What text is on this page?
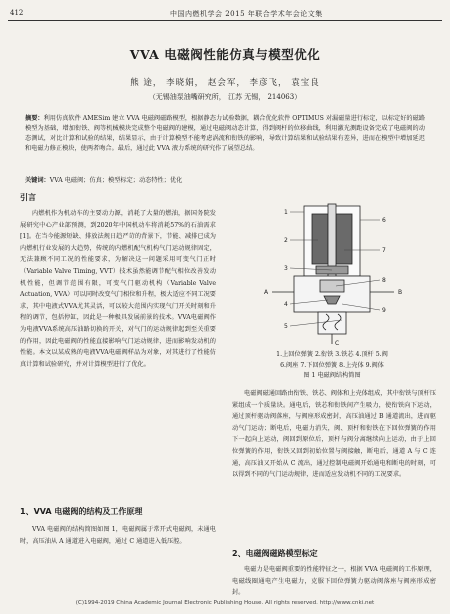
412	中国内燃机学会 2015 年联合学术年会论文集
VVA 电磁阀性能仿真与模型优化
熊 途， 李晓娟， 赵会军， 李彦飞， 袁宝良
（无锡油泵油嘴研究所， 江苏 无锡， 214063）
摘要：利用仿真软件 AMESim 建立 VVA 电磁阀磁路模型，根据静态力试验数据，耦合优化软件 OPTIMUS 对漏磁量进行标定，以标定好的磁路模型为基础，增加衔铁、阀等机械模块完成整个电磁阀的建模，通过电磁阀动态计算，得到阀杆的位移曲线，利用激光测距设备完成了电磁阀的动态测试，对比计算和试验的结果，结果显示，由于计算模型不能考虑涡流和衔铁的影响，导致计算结果和试验结果有差异，进而在模型中增加延迟和电磁力修正模块，使两者吻合。最后，通过此 VVA 液力系统的研究作了展望总结。
关键词：VVA 电磁阀；仿真；模型标定；动态特性；优化
引言
内燃机作为机动车的主要动力源，消耗了大量的燃油，据国务院发展研究中心产业部预测，到2020年中国机动车将消耗57%的石油需求[1]。在当今能源短缺、排放法规日趋严苛的背景下，节能、减排已成为内燃机行业发展的大趋势，传统的内燃机配气机构气门运动规律固定，无法兼顾不同工况的性能要求，为解决这一问题采用可变气门正时（Variable Valve Timing, VVT）技术虽然能调节配气相位改善发动机性能，但调节范围有限，可变气门驱动机构（Variable Valve Actuation, VVA）可以同时改变气门相位和升程，极大适应不同工况要求，其中电液式VVA尤其灵活，可以较大范围内实现气门开关时刻和升程的调节，包括停缸，因此是一种极具发展前景的技术。VVA电磁阀作为电液VVA系统高压油路切换的开关，对气门的运动规律起到至关重要的作用，因此电磁阀的性能直接影响气门运动规律，进而影响发动机的性能。本文以某成熟的电液VVA电磁阀样品为对象，对其进行了性能仿真计算和试验研究，并对计算模型进行了优化。
1、VVA 电磁阀的结构及工作原理
VVA 电磁阀的结构简图如图 1，电磁阀属于常开式电磁阀，未通电时，高压油从 A 通道进入电磁阀，通过 C 通道进入低压腔。
1
2
3
4
5
6
7
8
9
A	B
C
1.上回位弹簧 2.衔铁 3.铁芯 4.顶杆 5.阀
6.阀座 7.下回位弹簧 8.上壳体 9.阀体
图 1 电磁阀结构简图
电磁阀磁通回路由衔铁、铁芯、阀体和上壳体组成，其中衔铁与顶杆压紧组成一个质量块。通电后，铁芯和衔铁间产生吸力，使衔铁向下运动，通过顶杆驱动阀落座，与阀座形成密封，高压油通过 B 通道流出，进而驱动气门运动；断电后，电磁力消失，阀、顶杆和衔铁在下回位弹簧的作用下一起向上运动，阀回到原位后，顶杆与阀分离继续向上运动，由于上回位弹簧的作用，衔铁又回到初始位置与阀接触，断电后，通道 A 与 C 连通，高压油又开始从 C 流出，通过控制电磁阀开始通电和断电的时刻，可以得到不同的气门运动规律，进而适应发动机不同的工况要求。
2、电磁阀磁路模型标定
电磁力是电磁阀重要的性能特征之一，根据 VVA 电磁阀的工作原理，电磁线圈通电产生电磁力，克服下回位弹簧力驱动阀落座与阀座形成密封。
(C)1994-2019 China Academic Journal Electronic Publishing House. All rights reserved. http://www.cnki.net
